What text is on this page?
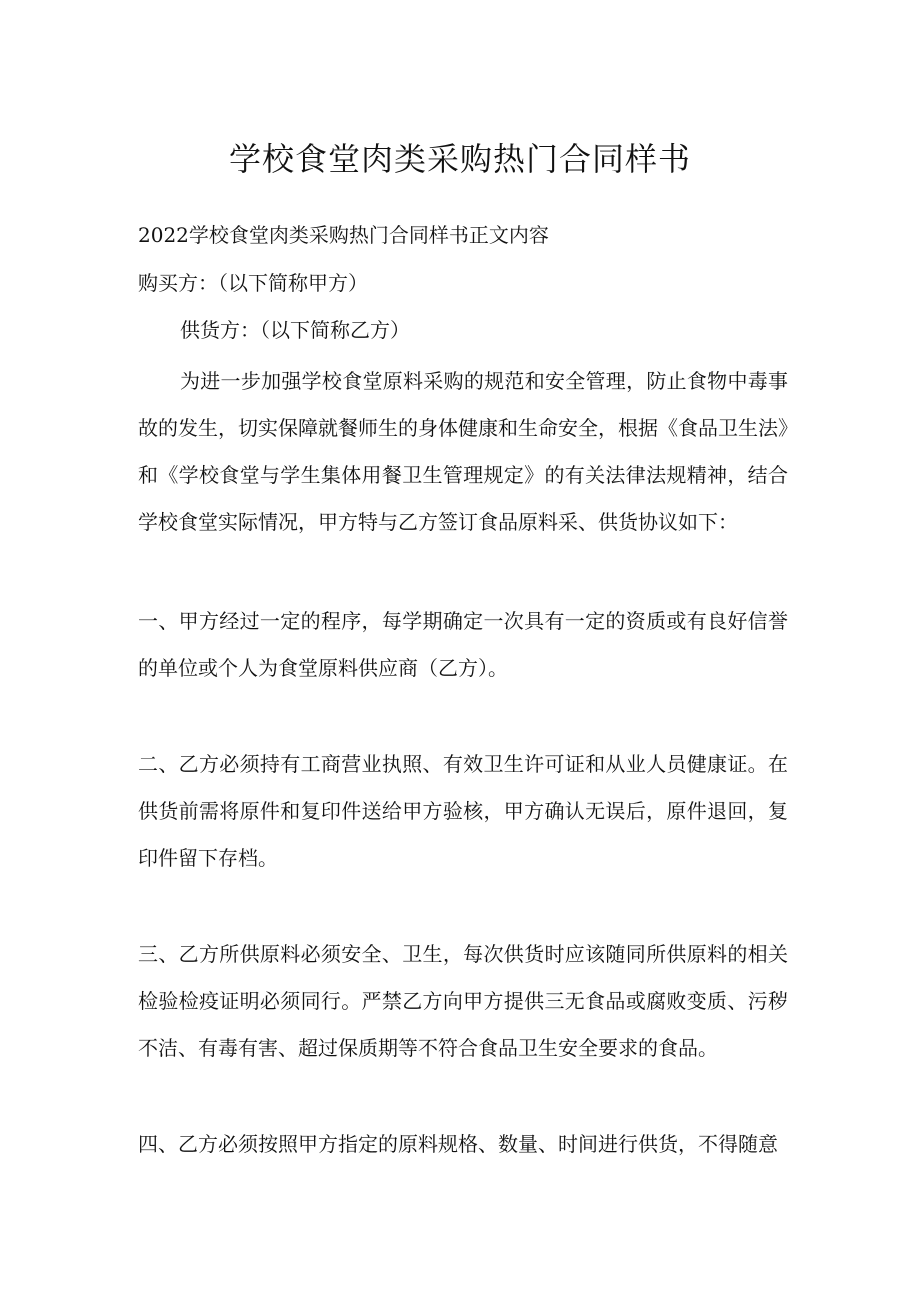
学校食堂肉类采购热门合同样书

2022学校食堂肉类采购热门合同样书正文内容

购买方：（以下简称甲方）

供货方：（以下简称乙方）

为进一步加强学校食堂原料采购的规范和安全管理，防止食物中毒事故的发生，切实保障就餐师生的身体健康和生命安全，根据《食品卫生法》和《学校食堂与学生集体用餐卫生管理规定》的有关法律法规精神，结合学校食堂实际情况，甲方特与乙方签订食品原料采、供货协议如下：

一、甲方经过一定的程序，每学期确定一次具有一定的资质或有良好信誉的单位或个人为食堂原料供应商（乙方）。

二、乙方必须持有工商营业执照、有效卫生许可证和从业人员健康证。在供货前需将原件和复印件送给甲方验核，甲方确认无误后，原件退回，复印件留下存档。

三、乙方所供原料必须安全、卫生，每次供货时应该随同所供原料的相关检验检疫证明必须同行。严禁乙方向甲方提供三无食品或腐败变质、污秽不洁、有毒有害、超过保质期等不符合食品卫生安全要求的食品。

四、乙方必须按照甲方指定的原料规格、数量、时间进行供货，不得随意
